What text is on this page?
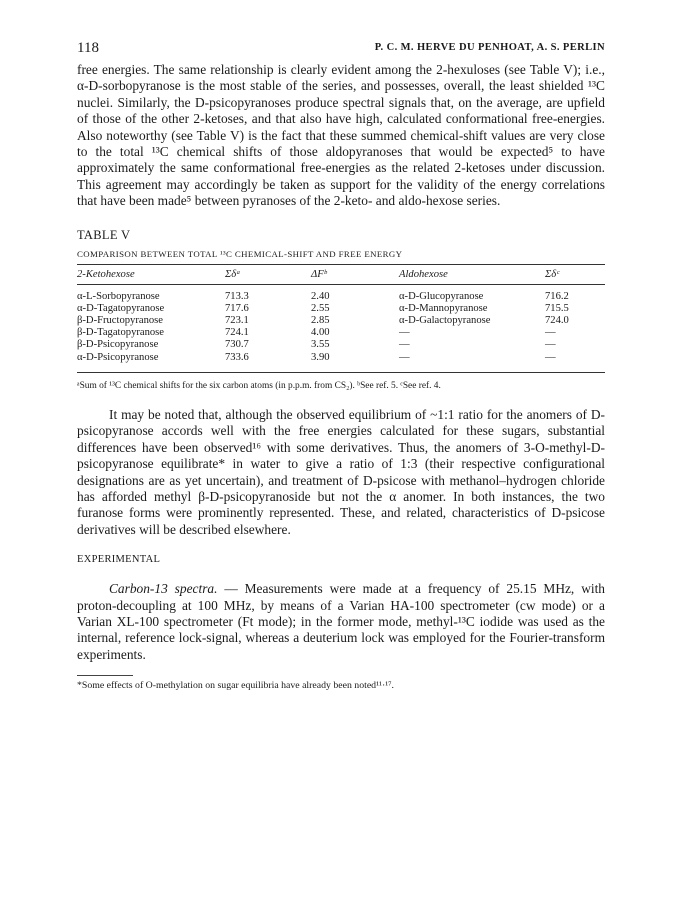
118	P. C. M. HERVE DU PENHOAT, A. S. PERLIN

free energies. The same relationship is clearly evident among the 2-hexuloses (see Table V); i.e., α-D-sorbopyranose is the most stable of the series, and possesses, overall, the least shielded ¹³C nuclei. Similarly, the D-psicopyranoses produce spectral signals that, on the average, are upfield of those of the other 2-ketoses, and that also have high, calculated conformational free-energies. Also noteworthy (see Table V) is the fact that these summed chemical-shift values are very close to the total ¹³C chemical shifts of those aldopyranoses that would be expected⁵ to have approximately the same conformational free-energies as the related 2-ketoses under discussion. This agreement may accordingly be taken as support for the validity of the energy correlations that have been made⁵ between pyranoses of the 2-keto- and aldo-hexose series.

TABLE V
COMPARISON BETWEEN TOTAL ¹³C CHEMICAL-SHIFT AND FREE ENERGY
2-Ketohexose	Σδᵃ	ΔFᵇ	Aldohexose	Σδᶜ

α-L-Sorbopyranose	713.3	2.40	α-D-Glucopyranose	716.2
α-D-Tagatopyranose	717.6	2.55	α-D-Mannopyranose	715.5
β-D-Fructopyranose	723.1	2.85	α-D-Galactopyranose	724.0
β-D-Tagatopyranose	724.1	4.00	—	—
β-D-Psicopyranose	730.7	3.55	—	—
α-D-Psicopyranose	733.6	3.90	—	—

ᵃSum of ¹³C chemical shifts for the six carbon atoms (in p.p.m. from CS₂). ᵇSee ref. 5. ᶜSee ref. 4.

It may be noted that, although the observed equilibrium of ~1:1 ratio for the anomers of D-psicopyranose accords well with the free energies calculated for these sugars, substantial differences have been observed¹⁶ with some derivatives. Thus, the anomers of 3-O-methyl-D-psicopyranose equilibrate* in water to give a ratio of 1:3 (their respective configurational designations are as yet uncertain), and treatment of D-psicose with methanol–hydrogen chloride has afforded methyl β-D-psicopyranoside but not the α anomer. In both instances, the two furanose forms were prominently represented. These, and related, characteristics of D-psicose derivatives will be described elsewhere.

EXPERIMENTAL

Carbon-13 spectra. — Measurements were made at a frequency of 25.15 MHz, with proton-decoupling at 100 MHz, by means of a Varian HA-100 spectrometer (cw mode) or a Varian XL-100 spectrometer (Ft mode); in the former mode, methyl-¹³C iodide was used as the internal, reference lock-signal, whereas a deuterium lock was employed for the Fourier-transform experiments.

*Some effects of O-methylation on sugar equilibria have already been noted¹¹·¹⁷.
